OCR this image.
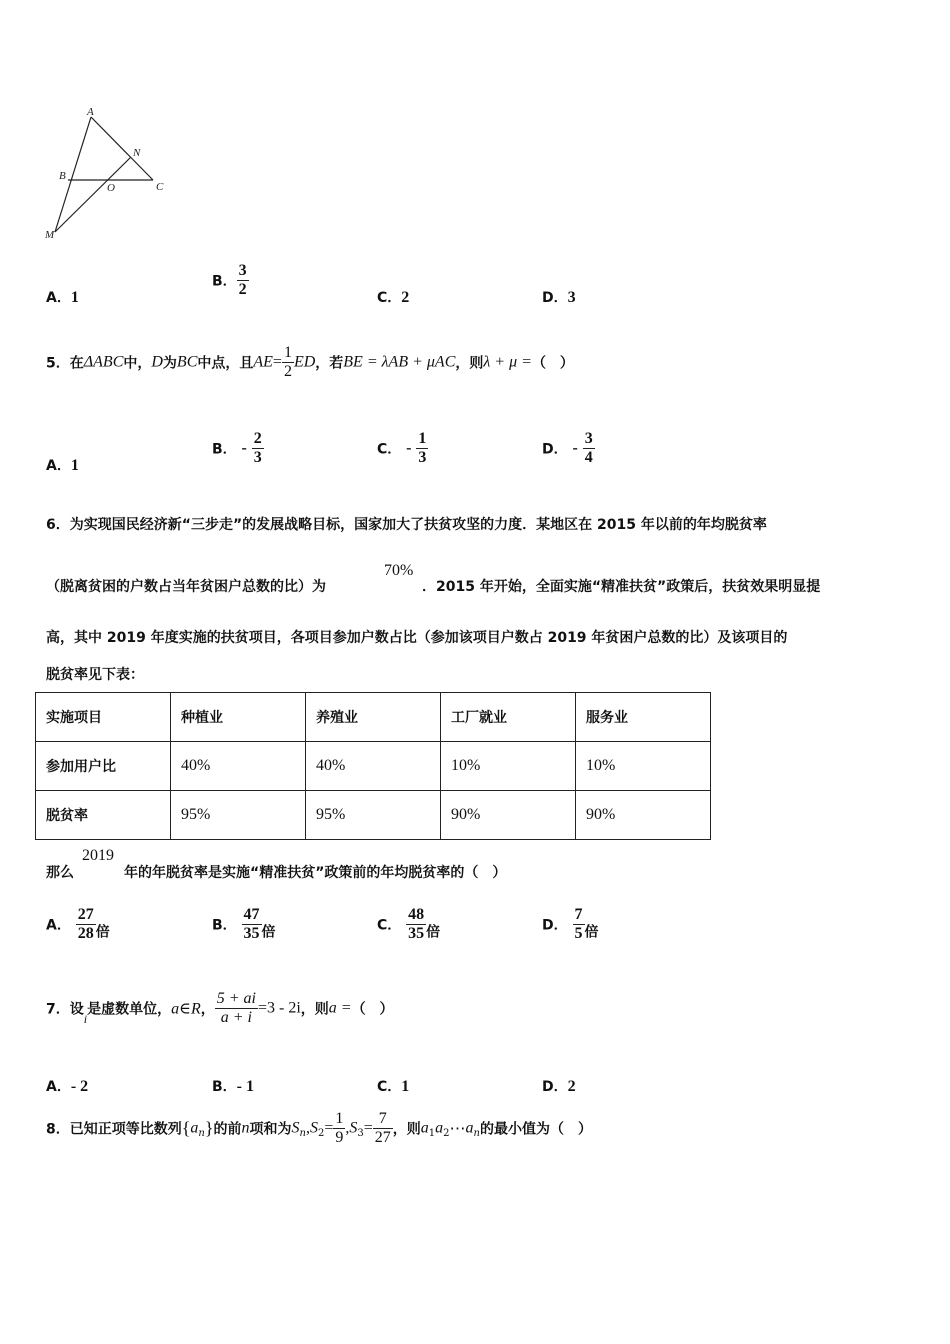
A
N
B
O	C
M
A．1
B． $\frac{3}{2}$	C．2	D．3
5．在ΔABC中，D为BC中点，且$AE= \frac{1}{2}$ ED，若BE = λAB + μAC，则λ + μ =（　）
A．1
B． - $\frac{2}{3}$	C． - $\frac{1}{3}$	D． - $\frac{3}{4}$
6．为实现国民经济新“三步走”的发展战略目标，国家加大了扶贫攻坚的力度．某地区在 2015 年以前的年均脱贫率
（脱离贫困的户数占当年贫困户总数的比）为
70%
．2015 年开始，全面实施“精准扶贫”政策后，扶贫效果明显提
高，其中 2019 年度实施的扶贫项目，各项目参加户数占比（参加该项目户数占 2019 年贫困户总数的比）及该项目的
脱贫率见下表：
实施项目	种植业	养殖业	工厂就业	服务业
参加用户比	40%	40%	10%	10%
脱贫率	95%	95%	90%	90%
那么
2019
年的年脱贫率是实施“精准扶贫”政策前的年均脱贫率的（　）
A． $\frac{27}{28}$ 倍	B． $\frac{47}{35}$ 倍	C． $\frac{48}{35}$ 倍	D． $\frac{7}{5}$ 倍
7．设$_i$是虚数单位，a∈R， $\frac{5 + ai}{a + i} =3 - 2i$，则a =（　）
A．- 2	B．- 1	C．1	D．2
8．已知正项等比数列$\{a_n\}$的前n项和为$S_n,S_2= \frac{1}{9} ,S_3= \frac{7}{27}$ ，则$a_1a_2\cdots a_n$的最小值为（　）
